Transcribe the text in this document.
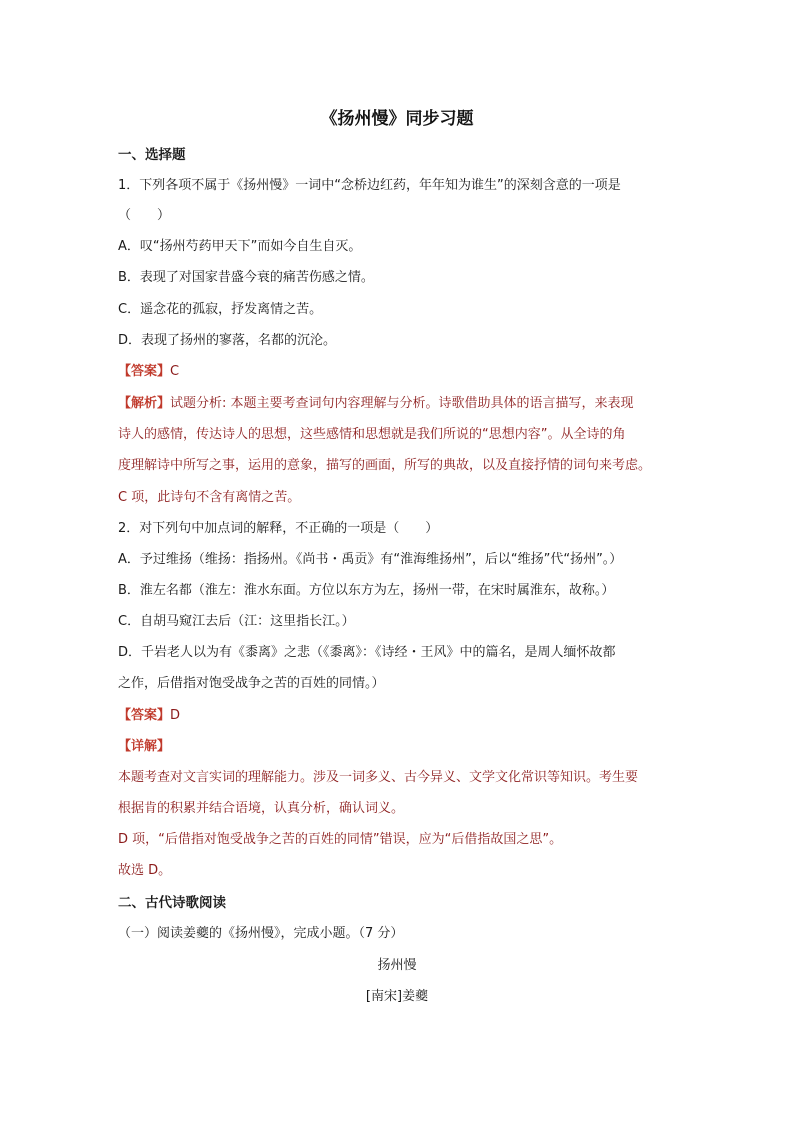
《扬州慢》同步习题
一、选择题
1．下列各项不属于《扬州慢》一词中“念桥边红药，年年知为谁生”的深刻含意的一项是
（　　）
A．叹“扬州芍药甲天下”而如今自生自灭。
B．表现了对国家昔盛今衰的痛苦伤感之情。
C．遥念花的孤寂，抒发离情之苦。
D．表现了扬州的寥落，名都的沉沦。
【答案】C
【解析】试题分析: 本题主要考查词句内容理解与分析。诗歌借助具体的语言描写，来表现
诗人的感情，传达诗人的思想，这些感情和思想就是我们所说的“思想内容”。从全诗的角
度理解诗中所写之事，运用的意象，描写的画面，所写的典故，以及直接抒情的词句来考虑。
C 项，此诗句不含有离情之苦。
2．对下列句中加点词的解释，不正确的一项是（　　）
A．予过维扬（维扬：指扬州。《尚书・禹贡》有“淮海维扬州”，后以“维扬”代“扬州”。）
B．淮左名都（淮左：淮水东面。方位以东方为左，扬州一带，在宋时属淮东，故称。）
C．自胡马窥江去后（江：这里指长江。）
D．千岩老人以为有《黍离》之悲（《黍离》：《诗经・王风》中的篇名，是周人缅怀故都
之作，后借指对饱受战争之苦的百姓的同情。）
【答案】D
【详解】
本题考查对文言实词的理解能力。涉及一词多义、古今异义、文学文化常识等知识。考生要
根据肯的积累并结合语境，认真分析，确认词义。
D 项，“后借指对饱受战争之苦的百姓的同情”错误，应为“后借指故国之思”。
故选 D。
二、古代诗歌阅读
（一）阅读姜夔的《扬州慢》，完成小题。（7 分）
扬州慢
[南宋]姜夔
